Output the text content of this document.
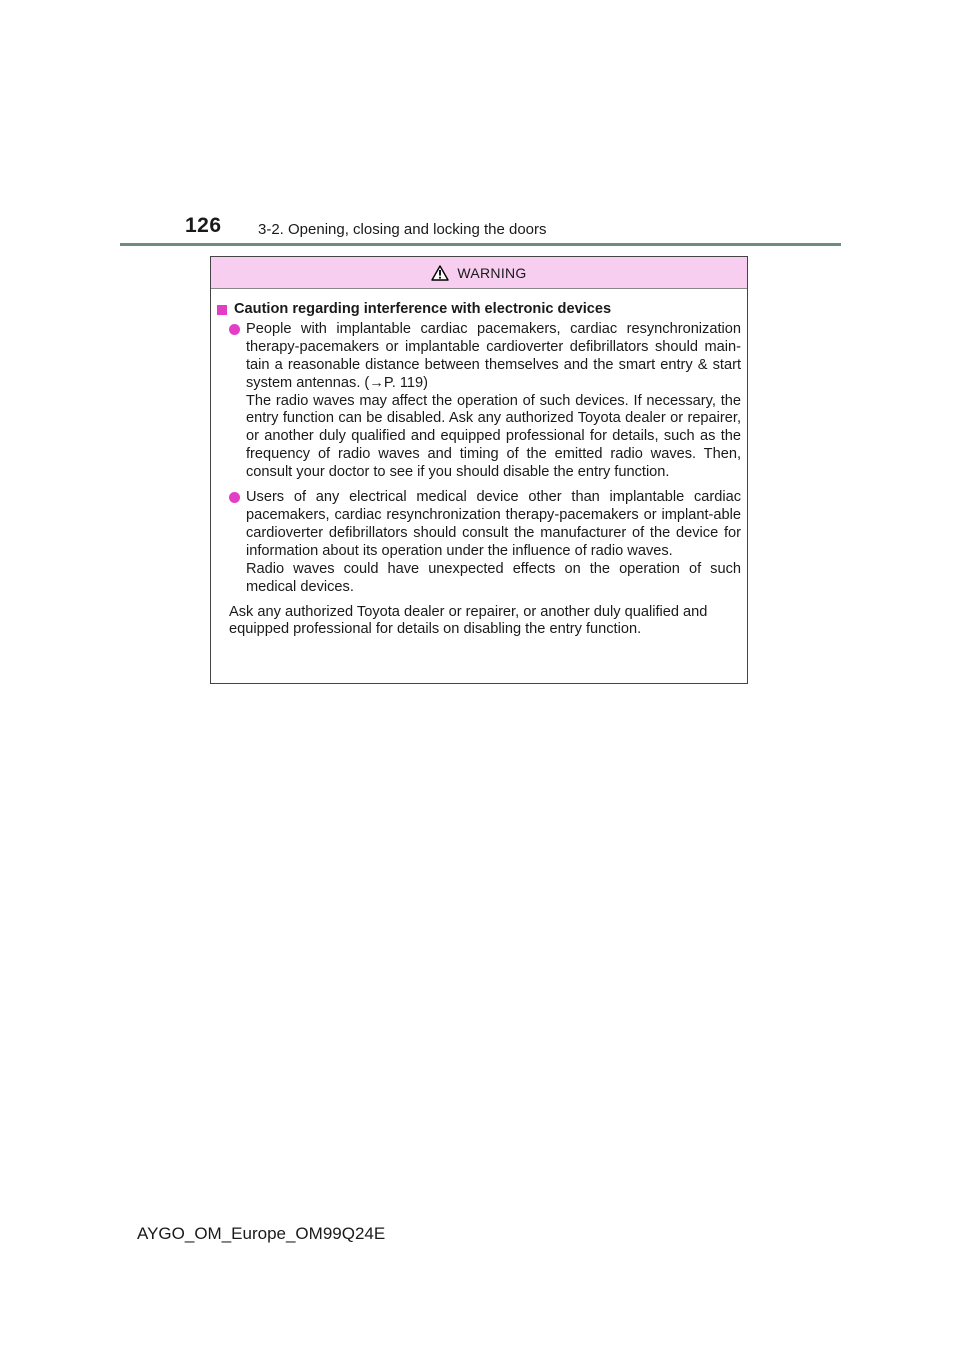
126 3-2. Opening, closing and locking the doors
WARNING
Caution regarding interference with electronic devices

People with implantable cardiac pacemakers, cardiac resynchronization therapy-pacemakers or implantable cardioverter defibrillators should main-tain a reasonable distance between themselves and the smart entry & start system antennas. (→P. 119)

The radio waves may affect the operation of such devices. If necessary, the entry function can be disabled. Ask any authorized Toyota dealer or repairer, or another duly qualified and equipped professional for details, such as the frequency of radio waves and timing of the emitted radio waves. Then, consult your doctor to see if you should disable the entry function.

Users of any electrical medical device other than implantable cardiac pacemakers, cardiac resynchronization therapy-pacemakers or implant-able cardioverter defibrillators should consult the manufacturer of the device for information about its operation under the influence of radio waves.

Radio waves could have unexpected effects on the operation of such medical devices.

Ask any authorized Toyota dealer or repairer, or another duly qualified and equipped professional for details on disabling the entry function.
AYGO_OM_Europe_OM99Q24E
